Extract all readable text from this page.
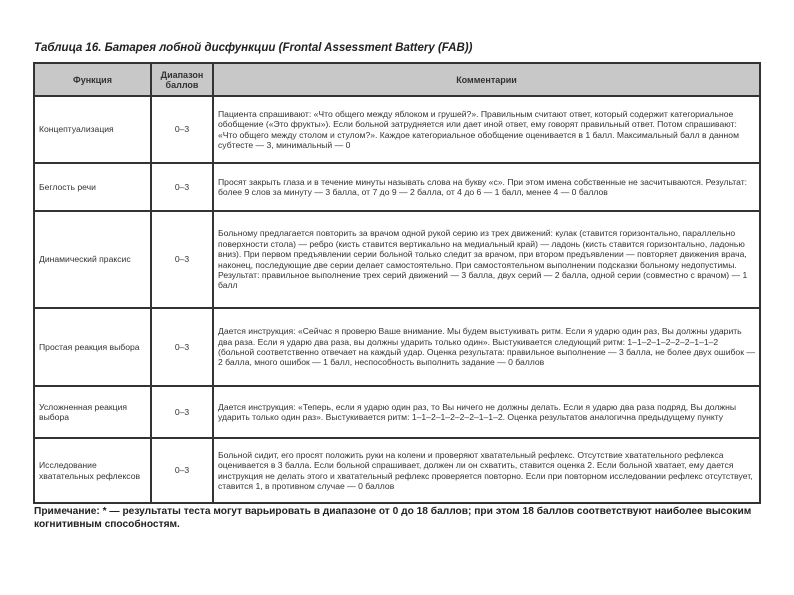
Таблица 16. Батарея лобной дисфункции (Frontal Assessment Battery (FAB))
Функция	Диапазон баллов	Комментарии
Концептуализация	0–3	Пациента спрашивают: «Что общего между яблоком и грушей?». Правильным считают ответ, который содержит категориальное обобщение («Это фрукты»). Если больной затрудняется или дает иной ответ, ему говорят правильный ответ. Потом спрашивают: «Что общего между столом и стулом?». Каждое категориальное обобщение оценивается в 1 балл. Максимальный балл в данном субтесте — 3, минимальный — 0
Беглость речи	0–3	Просят закрыть глаза и в течение минуты называть слова на букву «с». При этом имена собственные не засчитываются. Результат: более 9 слов за минуту — 3 балла, от 7 до 9 — 2 балла, от 4 до 6 — 1 балл, менее 4 — 0 баллов
Динамический праксис	0–3	Больному предлагается повторить за врачом одной рукой серию из трех движений: кулак (ставится горизонтально, параллельно поверхности стола) — ребро (кисть ставится вертикально на медиальный край) — ладонь (кисть ставится горизонтально, ладонью вниз). При первом предъявлении серии больной только следит за врачом, при втором предъявлении — повторяет движения врача, наконец, последующие две серии делает самостоятельно. При самостоятельном выполнении подсказки больному недопустимы. Результат: правильное выполнение трех серий движений — 3 балла, двух серий — 2 балла, одной серии (совместно с врачом) — 1 балл
Простая реакция выбора	0–3	Дается инструкция: «Сейчас я проверю Ваше внимание. Мы будем выстукивать ритм. Если я ударю один раз, Вы должны ударить два раза. Если я ударю два раза, вы должны ударить только один». Выстукивается следующий ритм: 1–1–2–1–2–2–2–1–1–2 (больной соответственно отвечает на каждый удар. Оценка результата: правильное выполнение — 3 балла, не более двух ошибок — 2 балла, много ошибок — 1 балл, неспособность выполнить задание — 0 баллов
Усложненная реакция выбора	0–3	Дается инструкция: «Теперь, если я ударю один раз, то Вы ничего не должны делать. Если я ударю два раза подряд, Вы должны ударить только один раз». Выстукивается ритм: 1–1–2–1–2–2–2–1–1–2. Оценка результатов аналогична предыдущему пункту
Исследование хватательных рефлексов	0–3	Больной сидит, его просят положить руки на колени и проверяют хватательный рефлекс. Отсутствие хватательного рефлекса оценивается в 3 балла. Если больной спрашивает, должен ли он схватить, ставится оценка 2. Если больной хватает, ему дается инструкция не делать этого и хватательный рефлекс проверяется повторно. Если при повторном исследовании рефлекс отсутствует, ставится 1, в противном случае — 0 баллов
Примечание: * — результаты теста могут варьировать в диапазоне от 0 до 18 баллов; при этом 18 баллов соответствуют наиболее высоким когнитивным способностям.
